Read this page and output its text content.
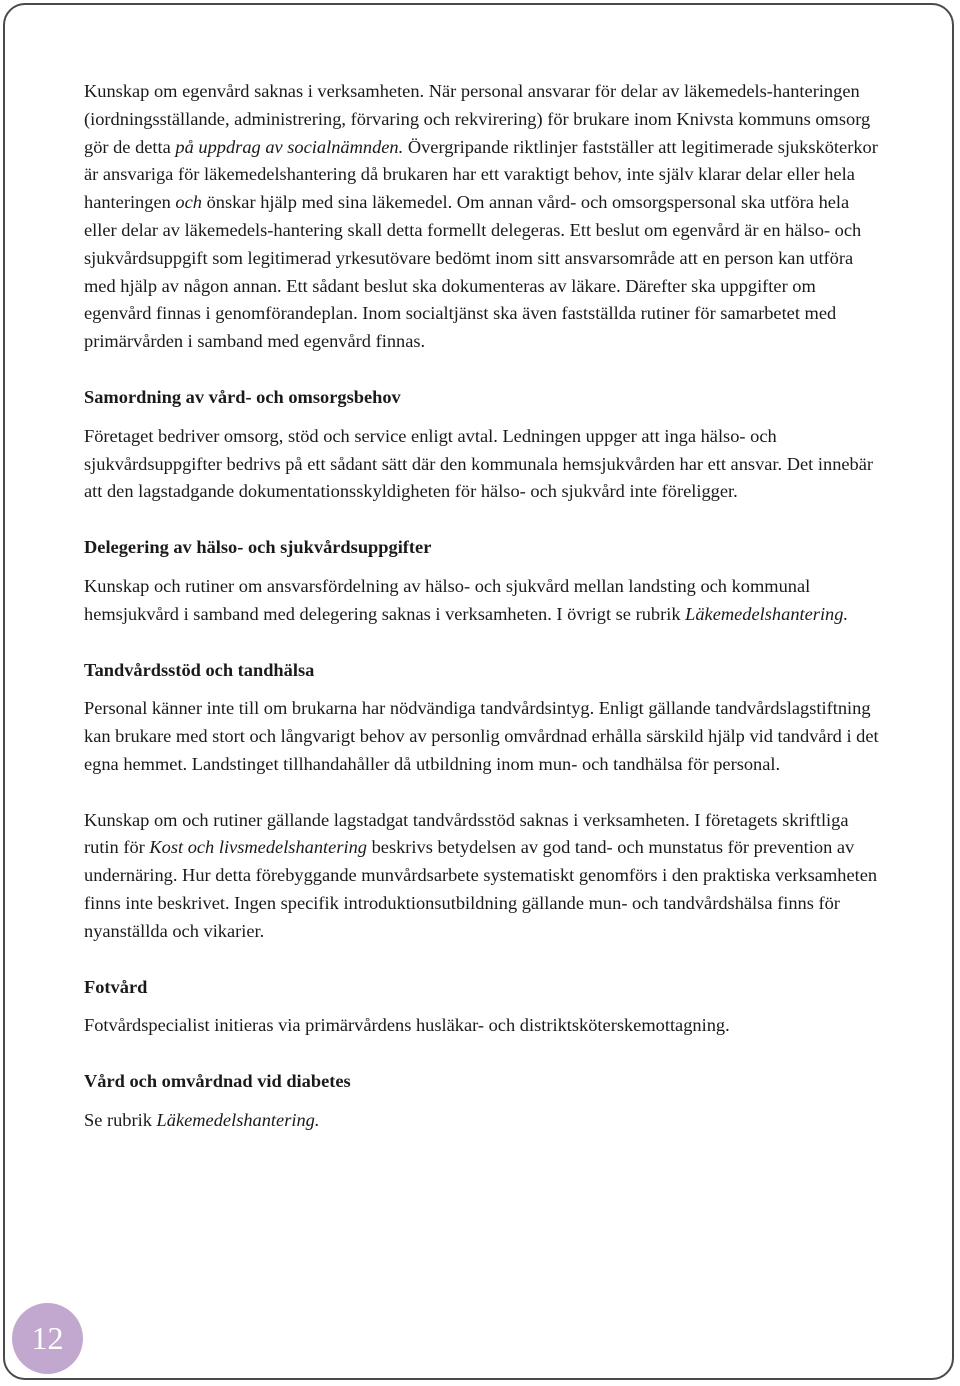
Kunskap om egenvård saknas i verksamheten. När personal ansvarar för delar av läkemedels-hanteringen (iordningsställande, administrering, förvaring och rekvirering) för brukare inom Knivsta kommuns omsorg gör de detta på uppdrag av socialnämnden. Övergripande riktlinjer fastställer att legitimerade sjuksköterkor är ansvariga för läkemedelshantering då brukaren har ett varaktigt behov, inte själv klarar delar eller hela hanteringen och önskar hjälp med sina läkemedel. Om annan vård- och omsorgspersonal ska utföra hela eller delar av läkemedels-hantering skall detta formellt delegeras. Ett beslut om egenvård är en hälso- och sjukvårdsuppgift som legitimerad yrkesutövare bedömt inom sitt ansvarsområde att en person kan utföra med hjälp av någon annan. Ett sådant beslut ska dokumenteras av läkare. Därefter ska uppgifter om egenvård finnas i genomförandeplan. Inom socialtjänst ska även fastställda rutiner för samarbetet med primärvården i samband med egenvård finnas.

Samordning av vård- och omsorgsbehov

Företaget bedriver omsorg, stöd och service enligt avtal. Ledningen uppger att inga hälso- och sjukvårdsuppgifter bedrivs på ett sådant sätt där den kommunala hemsjukvården har ett ansvar. Det innebär att den lagstadgande dokumentationsskyldigheten för hälso- och sjukvård inte föreligger.

Delegering av hälso- och sjukvårdsuppgifter

Kunskap och rutiner om ansvarsfördelning av hälso- och sjukvård mellan landsting och kommunal hemsjukvård i samband med delegering saknas i verksamheten. I övrigt se rubrik Läkemedelshantering.

Tandvårdsstöd och tandhälsa

Personal känner inte till om brukarna har nödvändiga tandvårdsintyg. Enligt gällande tandvårdslagstiftning kan brukare med stort och långvarigt behov av personlig omvårdnad erhålla särskild hjälp vid tandvård i det egna hemmet. Landstinget tillhandahåller då utbildning inom mun- och tandhälsa för personal.

Kunskap om och rutiner gällande lagstadgat tandvårdsstöd saknas i verksamheten. I företagets skriftliga rutin för Kost och livsmedelshantering beskrivs betydelsen av god tand- och munstatus för prevention av undernäring. Hur detta förebyggande munvårdsarbete systematiskt genomförs i den praktiska verksamheten finns inte beskrivet. Ingen specifik introduktionsutbildning gällande mun- och tandvårdshälsa finns för nyanställda och vikarier.

Fotvård

Fotvårdspecialist initieras via primärvårdens husläkar- och distriktsköterskemottagning.

Vård och omvårdnad vid diabetes

Se rubrik Läkemedelshantering.

12
